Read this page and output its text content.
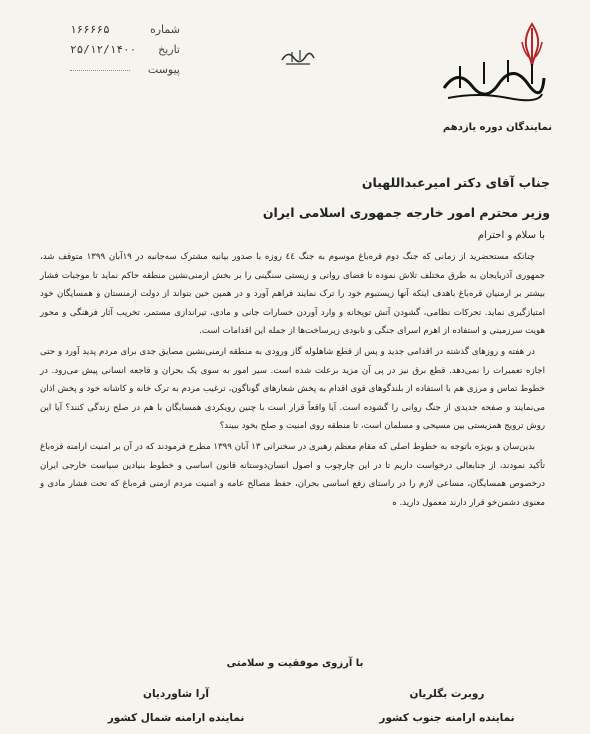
۱۶۶۶۶۵	شماره
۲۵/۱۲/۱۴۰۰ تاریخ
پیوست
نمایندگان دوره یازدهم
جناب آقای دکتر امیرعبداللهیان
وزیر محترم امور خارجه جمهوری اسلامی ایران
با سلام و احترام

چنانکه مستحضرید از زمانی که جنگ دوم قره‌باغ موسوم به جنگ ٤٤ روزه با صدور بیانیه مشترک سه‌جانبه در ۱۹آبان ۱۳۹۹ متوقف شد، جمهوری آذربایجان به طرق مختلف تلاش نموده تا فضای روانی و زیستی سنگینی را بر بخش ارمنی‌نشین منطقه حاکم نماید تا موجبات فشار بیشتر بر ارمنیان قره‌باغ باهدف اینکه آنها زیستبوم خود را ترک نمایند فراهم آورد و در همین حین بتواند از دولت ارمنستان و همسایگان خود امتیازگیری نماید. تحرکات نظامی، گشودن آتش توپخانه و وارد آوردن خسارات جانی و مادی، تیراندازی مستمر، تخریب آثار فرهنگی و محور هویت سرزمینی و استفاده از اهرم اسرای جنگی و نابودی زیرساخت‌ها از جمله این اقدامات است.

در هفته و روزهای گذشته در اقدامی جدید و پس از قطع شاهلوله گاز ورودی به منطقه ارمنی‌نشین مصایق جدی برای مردم پدید آورد و حتی اجازه تعمیرات را نمی‌دهد. قطع برق نیز در پی آن مزید برعلت شده است. سیر امور به سوی یک بحران و فاجعه انسانی پیش می‌رود. در خطوط تماس و مرزی هم با استفاده از بلندگوهای قوی اقدام به پخش شعارهای گوناگون، ترغیب مردم به ترک خانه و کاشانه خود و پخش اذان می‌نمایند و صفحه جدیدی از جنگ روانی را گشوده است. آیا واقعاً قرار است با چنین رویکردی همسایگان با هم در صلح زندگی کنند؟ آیا این روش ترویج همزیستی بین مسیحی و مسلمان است، تا منطقه روی امنیت و صلح بخود ببیند؟

بدین‌سان و بویژه باتوجه به خطوط اصلی که مقام معظم رهبری در سخنرانی ۱۳ آبان ۱۳۹۹ مطرح فرمودند که در آن بر امنیت ارامنه قره‌باغ تأکید نمودند، از جنابعالی درخواست داریم تا در این چارچوب و اصول انسان‌دوستانه قانون اساسی و خطوط بنیادین سیاست خارجی ایران درخصوص همسایگان، مساعی لازم را در راستای رفع اساسی بحران، حفظ مصالح عامه و امنیت مردم ارمنی قره‌باغ که تحت فشار مادی و معنوی دشمن‌خو قرار دارند معمول دارید. ه

با آرزوی موفقیت و سلامتی
آرا شاوردیان
نماینده ارامنه شمال کشور
روبرت بگلریان
نماینده ارامنه جنوب کشور
